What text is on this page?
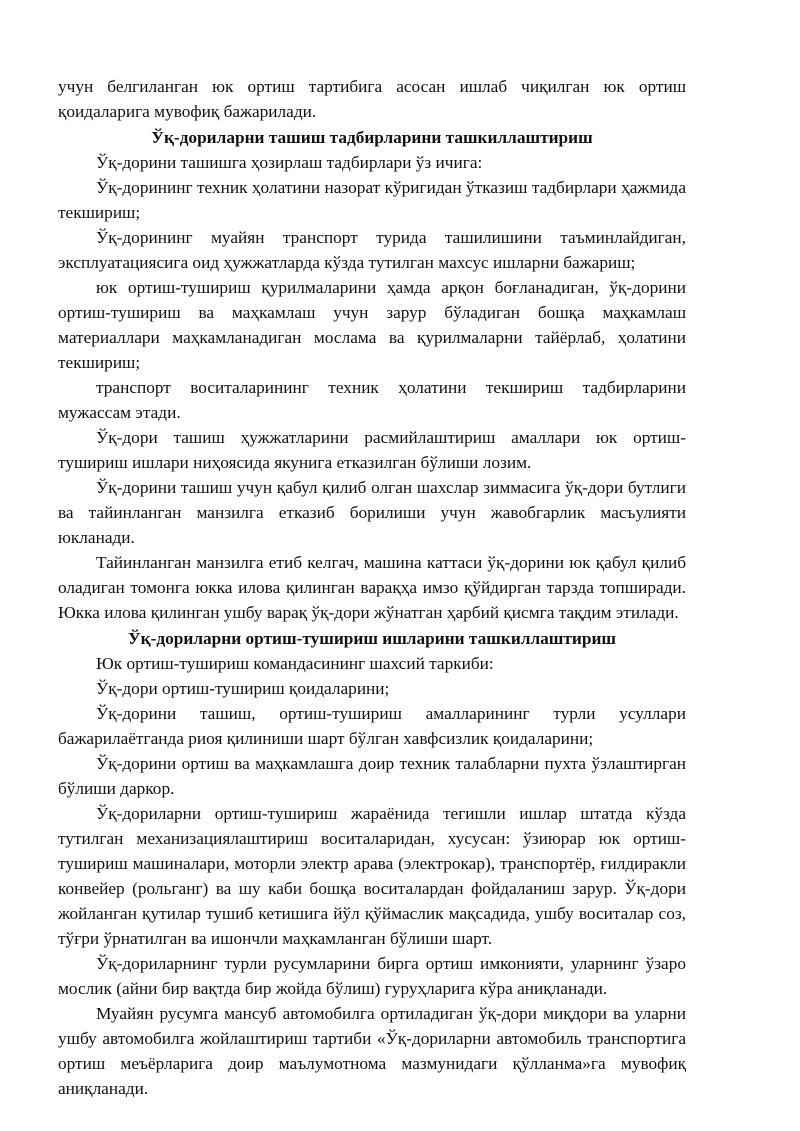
учун белгиланган юк ортиш тартибига асосан ишлаб чиқилган юк ортиш қоидаларига мувофиқ бажарилади.

Ўқ-дориларни ташиш тадбирларини ташкиллаштириш

Ўқ-дорини ташишга ҳозирлаш тадбирлари ўз ичига:

Ўқ-дорининг техник ҳолатини назорат кўригидан ўтказиш тадбирлари ҳажмида текшириш;

Ўқ-дорининг муайян транспорт турида ташилишини таъминлайдиган, эксплуатациясига оид ҳужжатларда кўзда тутилган махсус ишларни бажариш;

юк ортиш-тушириш қурилмаларини ҳамда арқон боғланадиган, ўқ-дорини ортиш-тушириш ва маҳкамлаш учун зарур бўладиган бошқа маҳкамлаш материаллари маҳкамланадиган мослама ва қурилмаларни тайёрлаб, ҳолатини текшириш;

транспорт воситаларининг техник ҳолатини текшириш тадбирларини мужассам этади.

Ўқ-дори ташиш ҳужжатларини расмийлаштириш амаллари юк ортиш-тушириш ишлари ниҳоясида якунига етказилган бўлиши лозим.

Ўқ-дорини ташиш учун қабул қилиб олган шахслар зиммасига ўқ-дори бутлиги ва тайинланган манзилга етказиб борилиши учун жавобгарлик масъулияти юкланади.

Тайинланган манзилга етиб келгач, машина каттаси ўқ-дорини юк қабул қилиб оладиган томонга юкка илова қилинган варақҳа имзо қўйдирган тарзда топширади. Юкка илова қилинган ушбу варақ ўқ-дори жўнатган ҳарбий қисмга тақдим этилади.

Ўқ-дориларни ортиш-тушириш ишларини ташкиллаштириш

Юк ортиш-тушириш командасининг шахсий таркиби:

Ўқ-дори ортиш-тушириш қоидаларини;

Ўқ-дорини ташиш, ортиш-тушириш амалларининг турли усуллари бажарилаётганда риоя қилиниши шарт бўлган хавфсизлик қоидаларини;

Ўқ-дорини ортиш ва маҳкамлашга доир техник талабларни пухта ўзлаштирган бўлиши даркор.

Ўқ-дориларни ортиш-тушириш жараёнида тегишли ишлар штатда кўзда тутилган механизациялаштириш воситаларидан, хусусан: ўзиюрар юк ортиш-тушириш машиналари, моторли электр арава (электрокар), транспортёр, ғилдиракли конвейер (рольганг) ва шу каби бошқа воситалардан фойдаланиш зарур. Ўқ-дори жойланган қутилар тушиб кетишига йўл қўймаслик мақсадида, ушбу воситалар соз, тўғри ўрнатилган ва ишончли маҳкамланган бўлиши шарт.

Ўқ-дориларнинг турли русумларини бирга ортиш имконияти, уларнинг ўзаро мослик (айни бир вақтда бир жойда бўлиш) гуруҳларига кўра аниқланади.

Муайян русумга мансуб автомобилга ортиладиган ўқ-дори миқдори ва уларни ушбу автомобилга жойлаштириш тартиби «Ўқ-дориларни автомобиль транспортига ортиш меъёрларига доир маълумотнома мазмунидаги қўлланма»га мувофиқ аниқланади.
